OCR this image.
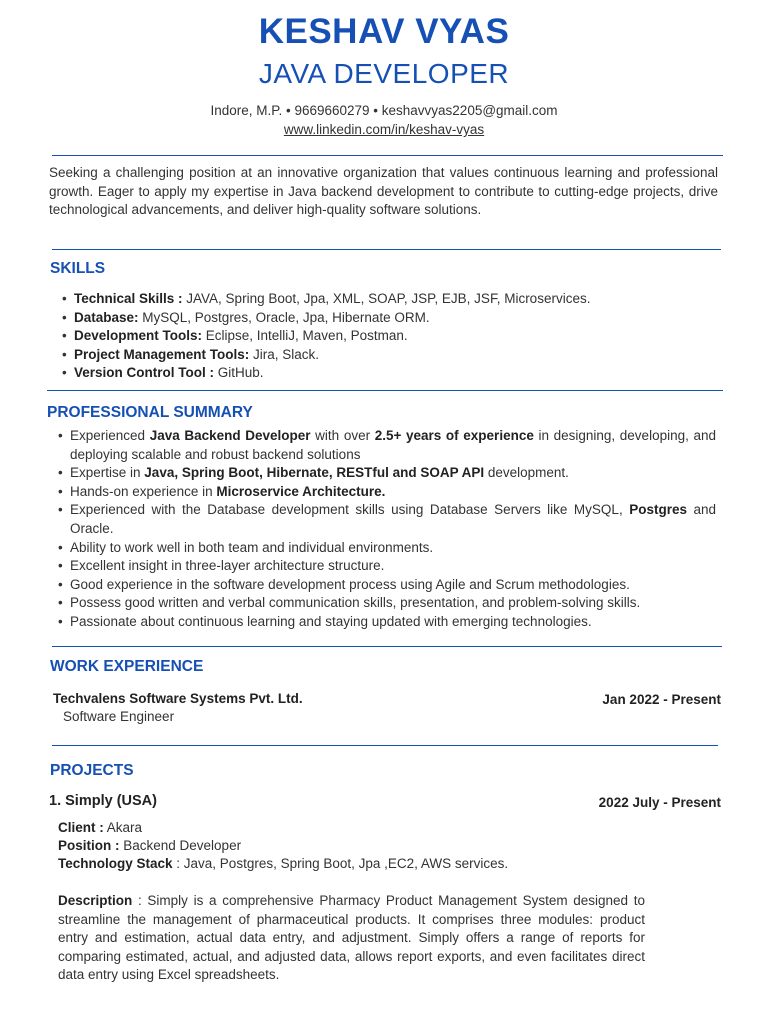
KESHAV VYAS
JAVA DEVELOPER
Indore, M.P. • 9669660279 • keshavvyas2205@gmail.com
www.linkedin.com/in/keshav-vyas
Seeking a challenging position at an innovative organization that values continuous learning and professional growth. Eager to apply my expertise in Java backend development to contribute to cutting-edge projects, drive technological advancements, and deliver high-quality software solutions.
SKILLS
• Technical Skills : JAVA, Spring Boot, Jpa, XML, SOAP, JSP, EJB, JSF, Microservices.
• Database: MySQL, Postgres, Oracle, Jpa, Hibernate ORM.
• Development Tools: Eclipse, IntelliJ, Maven, Postman.
• Project Management Tools: Jira, Slack.
• Version Control Tool : GitHub.
PROFESSIONAL SUMMARY
• Experienced Java Backend Developer with over 2.5+ years of experience in designing, developing, and deploying scalable and robust backend solutions
• Expertise in Java, Spring Boot, Hibernate, RESTful and SOAP API development.
• Hands-on experience in Microservice Architecture.
• Experienced with the Database development skills using Database Servers like MySQL, Postgres and Oracle.
• Ability to work well in both team and individual environments.
• Excellent insight in three-layer architecture structure.
• Good experience in the software development process using Agile and Scrum methodologies.
• Possess good written and verbal communication skills, presentation, and problem-solving skills.
• Passionate about continuous learning and staying updated with emerging technologies.
WORK EXPERIENCE
Techvalens Software Systems Pvt. Ltd.
Software Engineer
Jan 2022 - Present
PROJECTS
1. Simply (USA)	2022 July - Present
Client : Akara
Position : Backend Developer
Technology Stack : Java, Postgres, Spring Boot, Jpa ,EC2, AWS services.
Description : Simply is a comprehensive Pharmacy Product Management System designed to streamline the management of pharmaceutical products. It comprises three modules: product entry and estimation, actual data entry, and adjustment. Simply offers a range of reports for comparing estimated, actual, and adjusted data, allows report exports, and even facilitates direct data entry using Excel spreadsheets.
